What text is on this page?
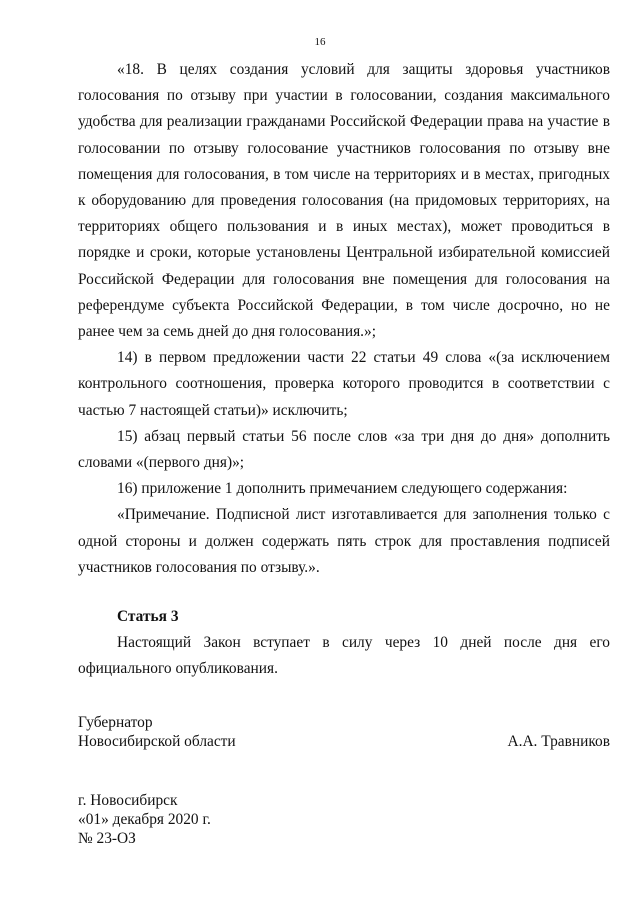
16

«18. В целях создания условий для защиты здоровья участников голосования по отзыву при участии в голосовании, создания максимального удобства для реализации гражданами Российской Федерации права на участие в голосовании по отзыву голосование участников голосования по отзыву вне помещения для голосования, в том числе на территориях и в местах, пригодных к оборудованию для проведения голосования (на придомовых территориях, на территориях общего пользования и в иных местах), может проводиться в порядке и сроки, которые установлены Центральной избирательной комиссией Российской Федерации для голосования вне помещения для голосования на референдуме субъекта Российской Федерации, в том числе досрочно, но не ранее чем за семь дней до дня голосования.»;

14) в первом предложении части 22 статьи 49 слова «(за исключением контрольного соотношения, проверка которого проводится в соответствии с частью 7 настоящей статьи)» исключить;

15) абзац первый статьи 56 после слов «за три дня до дня» дополнить словами «(первого дня)»;

16) приложение 1 дополнить примечанием следующего содержания:

«Примечание. Подписной лист изготавливается для заполнения только с одной стороны и должен содержать пять строк для проставления подписей участников голосования по отзыву.».

Статья 3

Настоящий Закон вступает в силу через 10 дней после дня его официального опубликования.

Губернатор
Новосибирской области	А.А. Травников
г. Новосибирск
«01» декабря 2020 г.
№ 23-ОЗ
